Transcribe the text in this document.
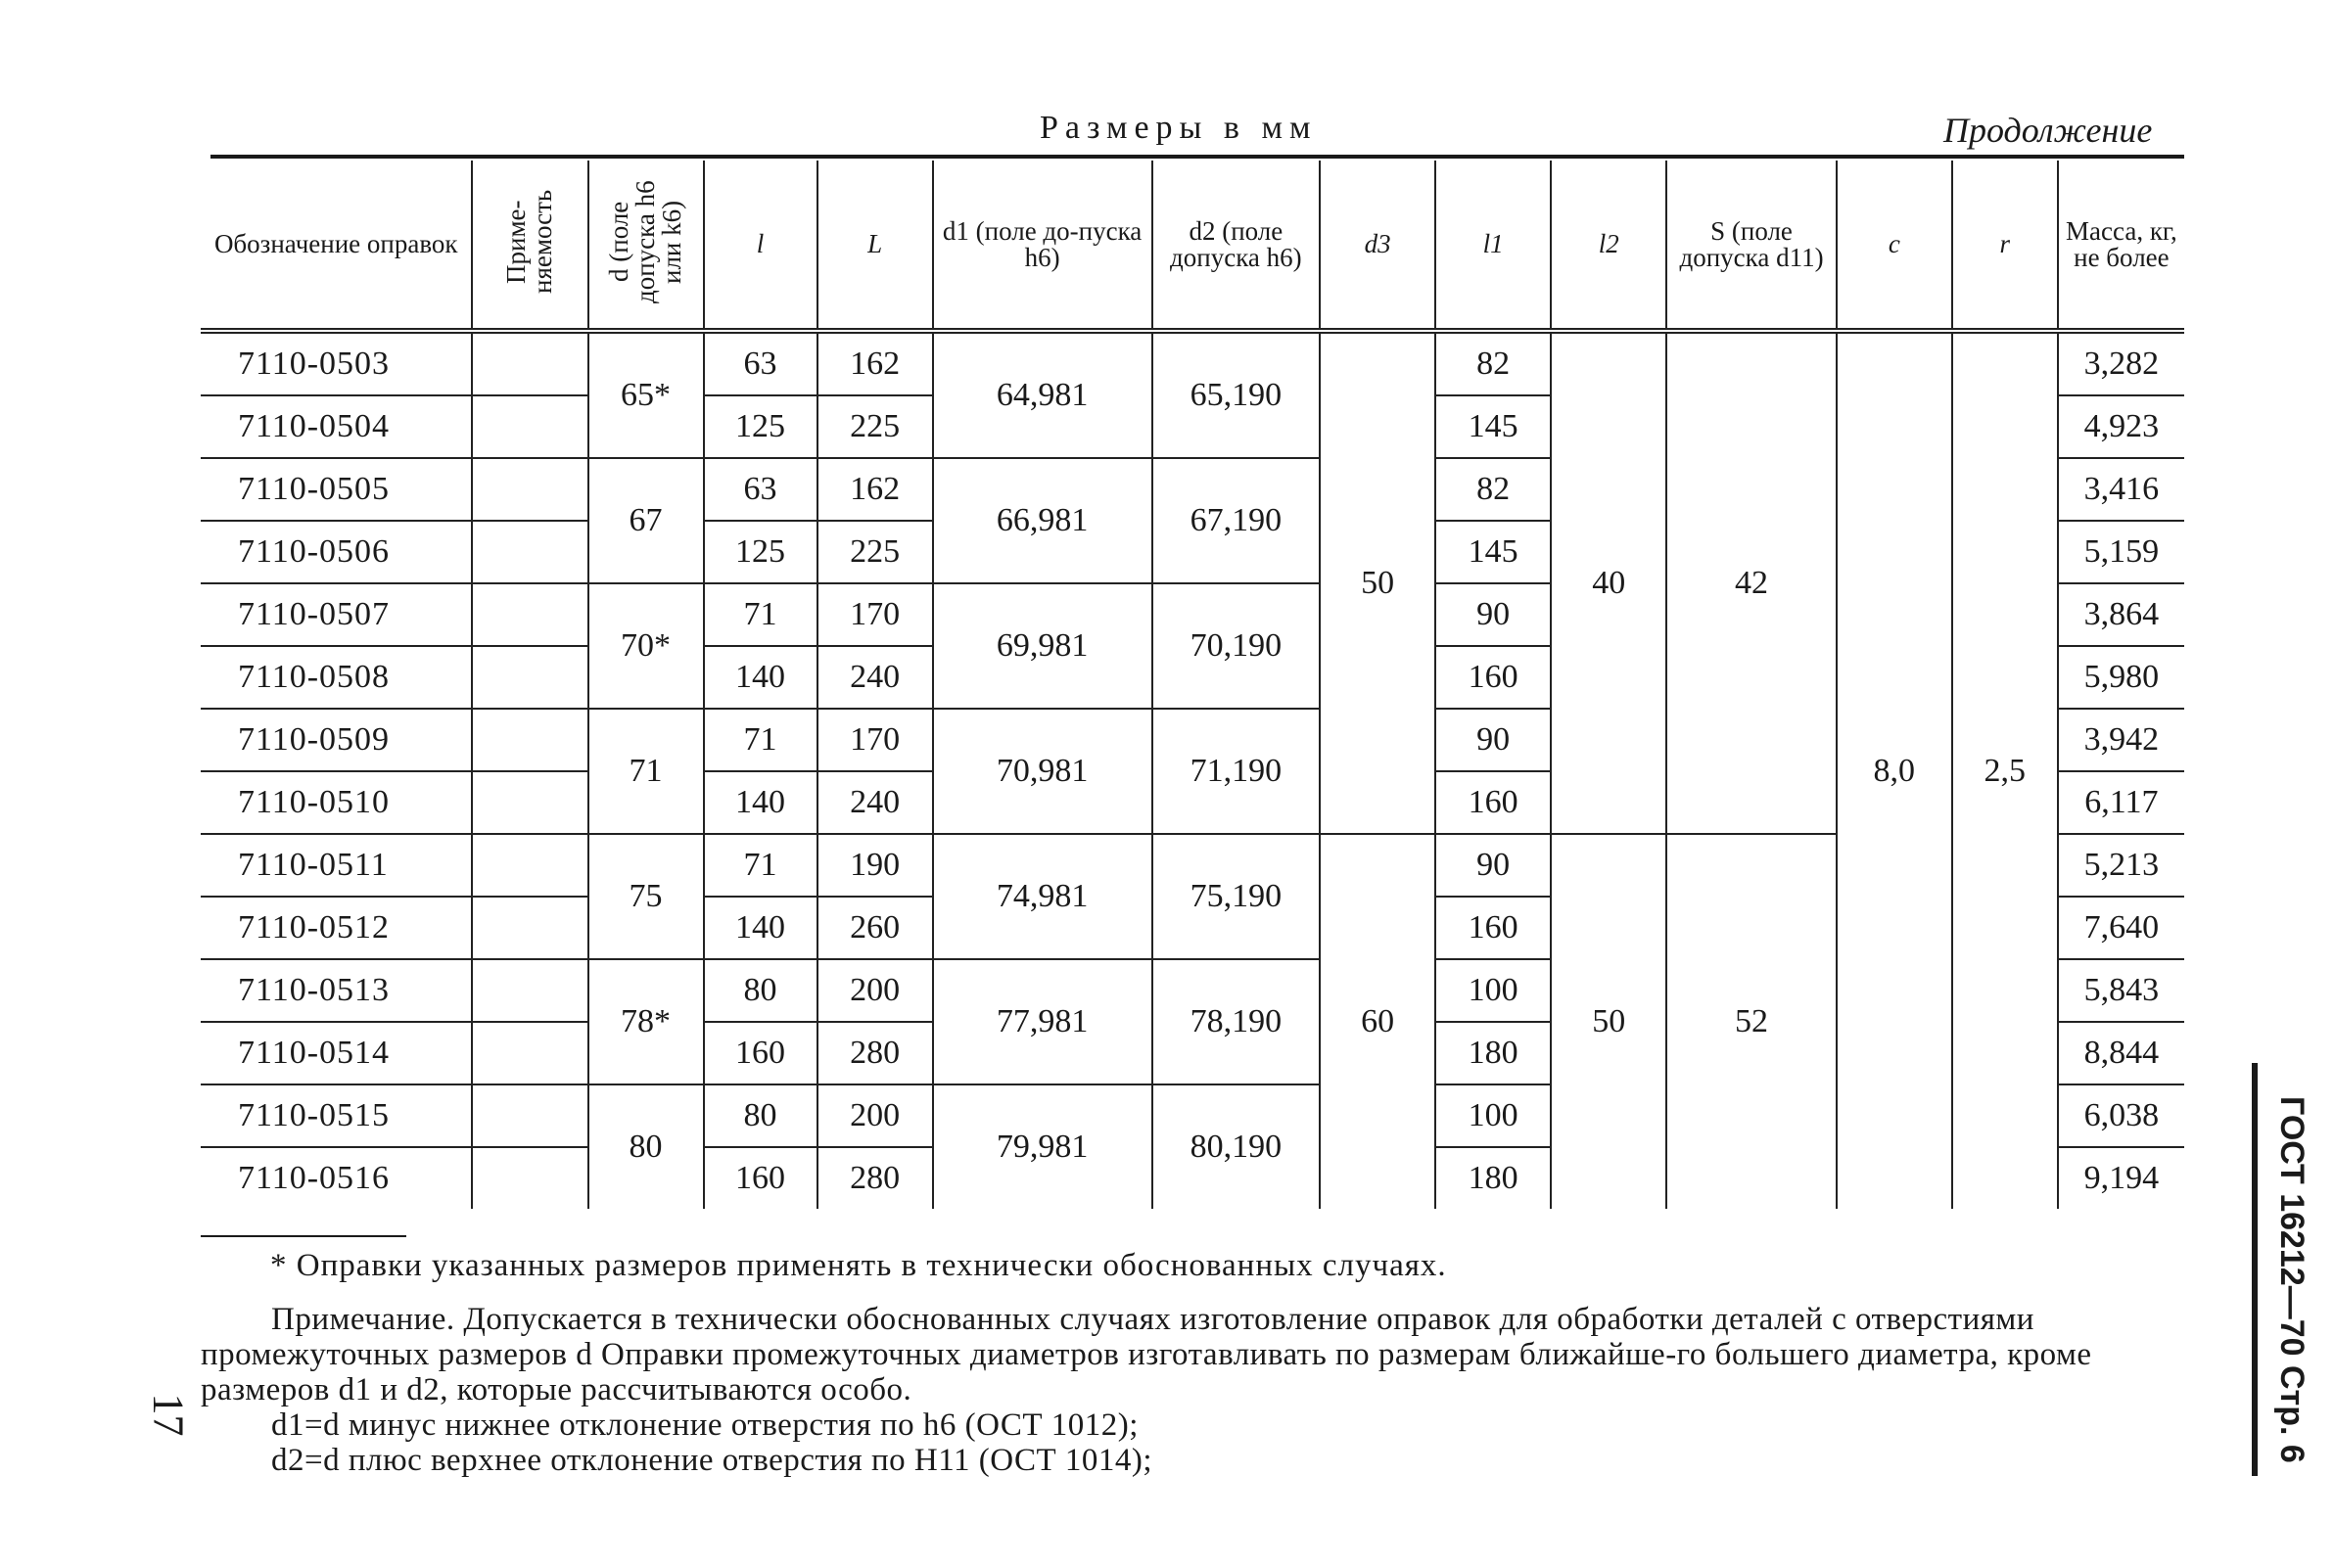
Размеры в мм	Продолжение
Обозначение оправок	Приме-няемость	d (поле допуска h6 или k6)	l	L	d1 (поле до-пуска h6)	d2 (поле допуска h6)	d3	l1	l2	S (поле допуска d11)	c	r	Масса, кг, не более
7110-0503		65*	63	162	64,981	65,190	50	82	40	42	8,0	2,5	3,282
7110-0504			125	225				145					4,923
7110-0505		67	63	162	66,981	67,190		82					3,416
7110-0506			125	225				145					5,159
7110-0507		70*	71	170	69,981	70,190		90					3,864
7110-0508			140	240				160					5,980
7110-0509		71	71	170	70,981	71,190		90					3,942
7110-0510			140	240				160					6,117
7110-0511		75	71	190	74,981	75,190	60	90	50	52			5,213
7110-0512			140	260				160					7,640
7110-0513		78*	80	200	77,981	78,190		100					5,843
7110-0514			160	280				180					8,844
7110-0515		80	80	200	79,981	80,190		100					6,038
7110-0516			160	280				180					9,194
* Оправки указанных размеров применять в технически обоснованных случаях.

Примечание. Допускается в технически обоснованных случаях изготовление оправок для обработки деталей с отверстиями промежуточных размеров d Оправки промежуточных диаметров изготавливать по размерам ближайше-го большего диаметра, кроме размеров d1 и d2, которые рассчитываются особо.

d1=d минус нижнее отклонение отверстия по h6 (ОСТ 1012);

d2=d плюс верхнее отклонение отверстия по H11 (ОСТ 1014);

17	ГОСТ 16212—70 Стр. 6
